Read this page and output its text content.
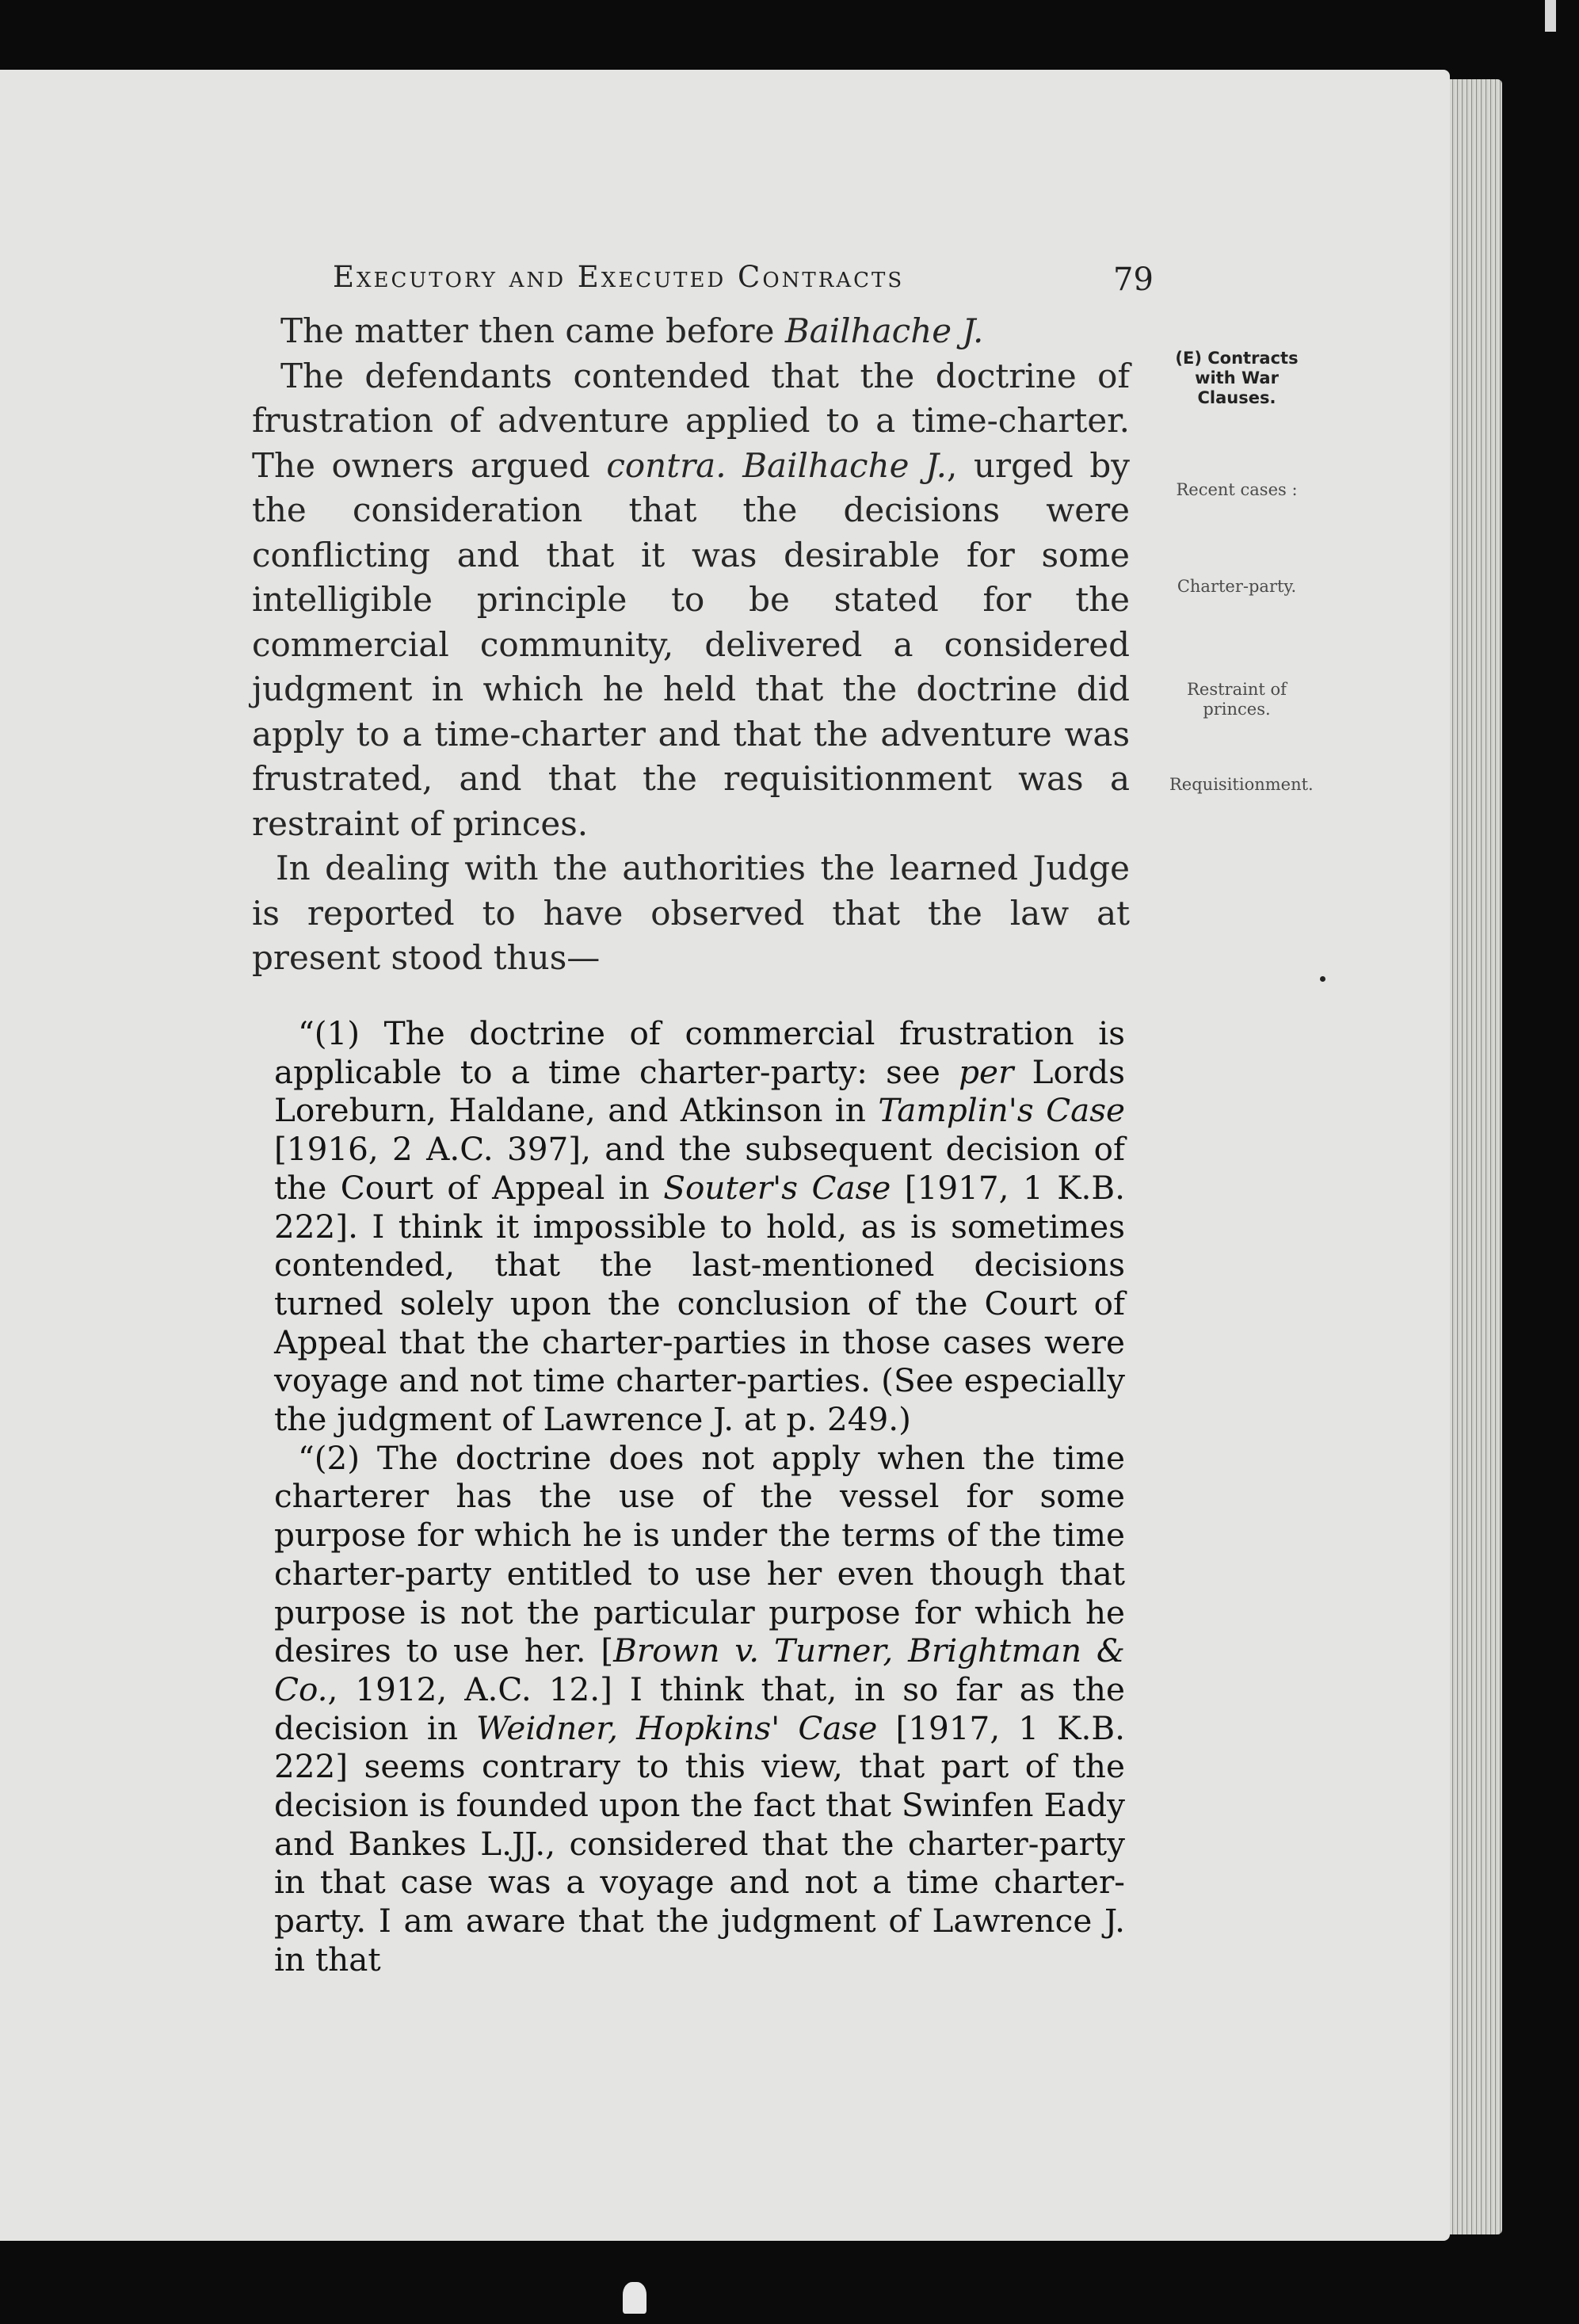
Executory and Executed Contracts	79
(E) Contracts with War Clauses.
Recent cases :
Charter-party.
Restraint of princes.
Requisitionment.

The matter then came before Bailhache J.

The defendants contended that the doctrine of frustration of adventure applied to a time-charter. The owners argued contra. Bailhache J., urged by the consideration that the decisions were conflicting and that it was desirable for some intelligible principle to be stated for the commercial community, delivered a considered judgment in which he held that the doctrine did apply to a time-charter and that the adventure was frustrated, and that the requisitionment was a restraint of princes.

In dealing with the authorities the learned Judge is reported to have observed that the law at present stood thus—

“(1) The doctrine of commercial frustration is applicable to a time charter-party: see per Lords Loreburn, Haldane, and Atkinson in Tamplin's Case [1916, 2 A.C. 397], and the subsequent decision of the Court of Appeal in Souter's Case [1917, 1 K.B. 222]. I think it impossible to hold, as is sometimes contended, that the last-mentioned decisions turned solely upon the conclusion of the Court of Appeal that the charter-parties in those cases were voyage and not time charter-parties. (See especially the judgment of Lawrence J. at p. 249.)

“(2) The doctrine does not apply when the time charterer has the use of the vessel for some purpose for which he is under the terms of the time charter-party entitled to use her even though that purpose is not the particular purpose for which he desires to use her. [Brown v. Turner, Brightman & Co., 1912, A.C. 12.] I think that, in so far as the decision in Weidner, Hopkins' Case [1917, 1 K.B. 222] seems contrary to this view, that part of the decision is founded upon the fact that Swinfen Eady and Bankes L.JJ., considered that the charter-party in that case was a voyage and not a time charter-party. I am aware that the judgment of Lawrence J. in that
